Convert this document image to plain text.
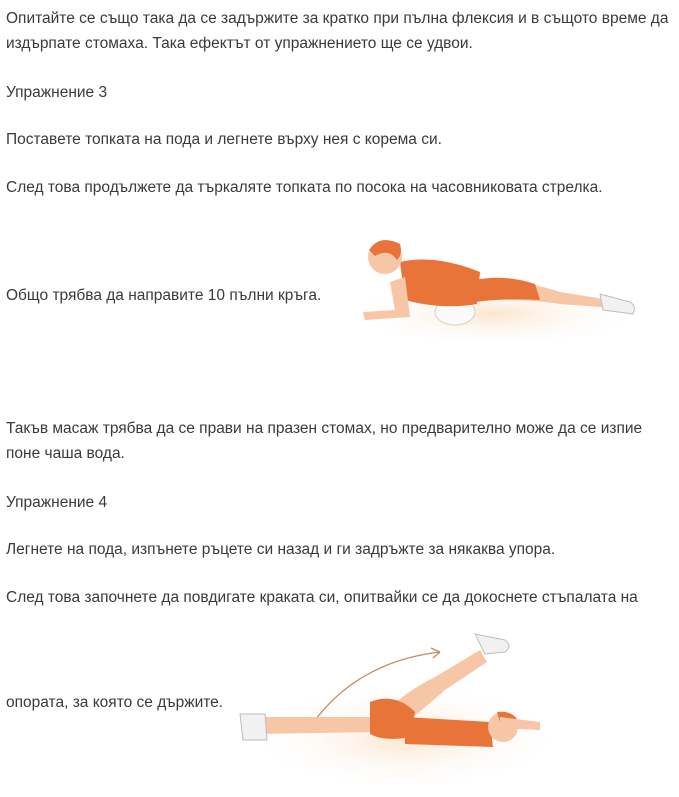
Опитайте се също така да се задържите за кратко при пълна флексия и в същото време да издърпате стомаха. Така ефектът от упражнението ще се удвои.

Упражнение 3

Поставете топката на пода и легнете върху нея с корема си.

След това продължете да търкаляте топката по посока на часовниковата стрелка.

Общо трябва да направите 10 пълни кръга.

Такъв масаж трябва да се прави на празен стомах, но предварително може да се изпие поне чаша вода.

Упражнение 4

Легнете на пода, изпънете ръцете си назад и ги задръжте за някаква упора.

След това започнете да повдигате краката си, опитвайки се да докоснете стъпалата на

опората, за която се държите.
